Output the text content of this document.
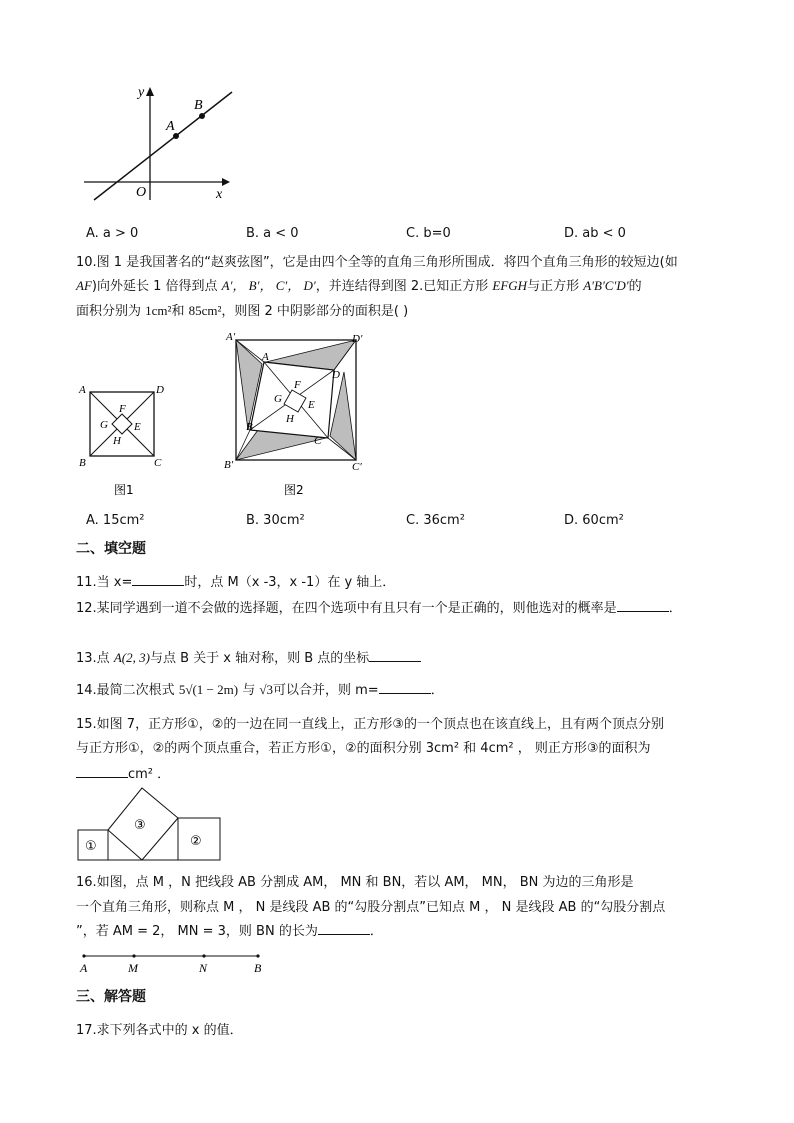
y
x
O
A
B
A. a > 0	B. a < 0	C. b=0	D. ab < 0
10.图 1 是我国著名的“赵爽弦图”，它是由四个全等的直角三角形所围成．将四个直角三角形的较短边(如
AF)向外延长 1 倍得到点 A′， B′， C′， D′，并连结得到图 2.已知正方形 EFGH与正方形 A′B′C′D′的
面积分别为 1cm²和 85cm²，则图 2 中阴影部分的面积是( )
A	D
B	C
F
G E
H
图1
A′	D′
B′	C′
A
D
B
C
F
G E
H
图2
A. 15cm²	B. 30cm²	C. 36cm²	D. 60cm²
二、填空题
11.当 x=	时，点 M（x -3，x -1）在 y 轴上．
12.某同学遇到一道不会做的选择题，在四个选项中有且只有一个是正确的，则他选对的概率是	．
13.点 A(2, 3)与点 B 关于 x 轴对称，则 B 点的坐标
14.最简二次根式 5√(1 − 2m) 与 √3可以合并，则 m=	．
15.如图 7，正方形①，②的一边在同一直线上，正方形③的一个顶点也在该直线上，且有两个顶点分别
与正方形①，②的两个顶点重合，若正方形①，②的面积分别 3cm² 和 4cm² ， 则正方形③的面积为
cm² ．
①
③
②
16.如图，点 M ，N 把线段 AB 分割成 AM， MN 和 BN，若以 AM， MN， BN 为边的三角形是
一个直角三角形，则称点 M ， N 是线段 AB 的“勾股分割点”已知点 M ， N 是线段 AB 的“勾股分割点
”，若 AM = 2， MN = 3，则 BN 的长为	．
A	M	N	B
三、解答题
17.求下列各式中的 x 的值．
